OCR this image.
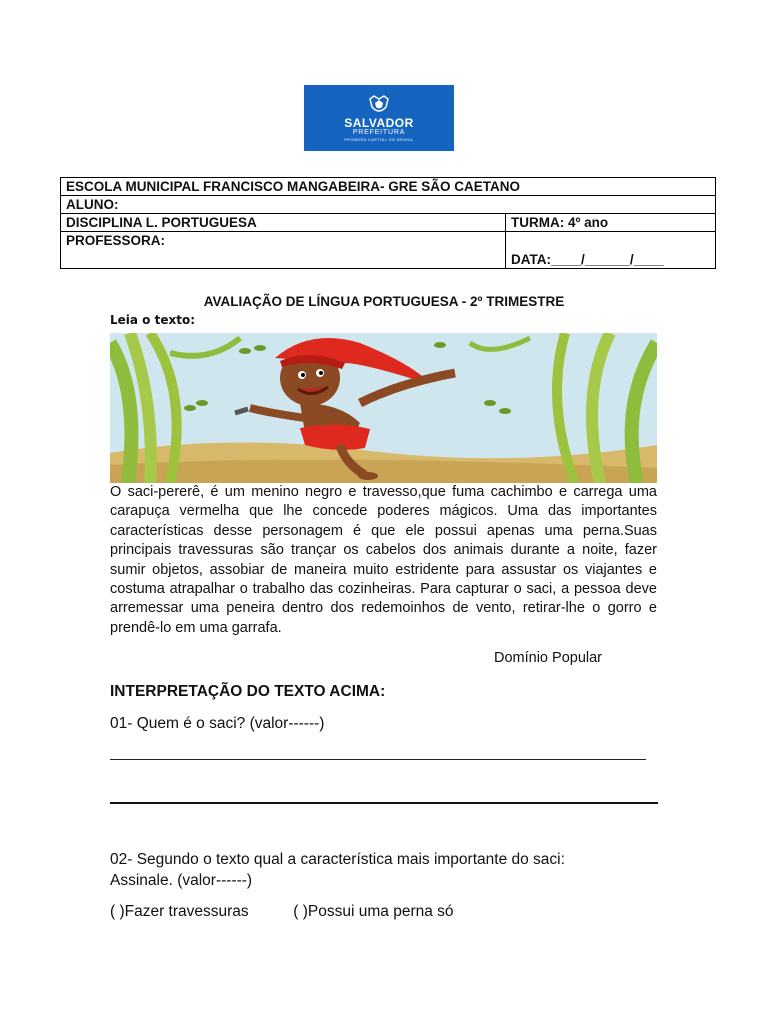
SALVADOR
PREFEITURA
PRIMEIRA CAPITAL DO BRASIL
ESCOLA MUNICIPAL FRANCISCO MANGABEIRA- GRE SÃO CAETANO	
ALUNO:	
DISCIPLINA L. PORTUGUESA	TURMA: 4º ano
PROFESSORA:	DATA:____/______/____
AVALIAÇÃO DE LÍNGUA PORTUGUESA - 2º TRIMESTRE
Leia o texto:
O saci-pererê, é um menino negro e travesso,que fuma cachimbo e carrega uma carapuça vermelha que lhe concede poderes mágicos. Uma das importantes características desse personagem é que ele possui apenas uma perna.Suas principais travessuras são trançar os cabelos dos animais durante a noite, fazer sumir objetos, assobiar de maneira muito estridente para assustar os viajantes e costuma atrapalhar o trabalho das cozinheiras. Para capturar o saci, a pessoa deve arremessar uma peneira dentro dos redemoinhos de vento, retirar-lhe o gorro e prendê-lo em uma garrafa.
Domínio Popular
INTERPRETAÇÃO DO TEXTO ACIMA:
01- Quem é o saci? (valor------)
02- Segundo o texto qual a característica mais importante do saci: Assinale. (valor------)
( )Fazer travessuras	( )Possui uma perna só
